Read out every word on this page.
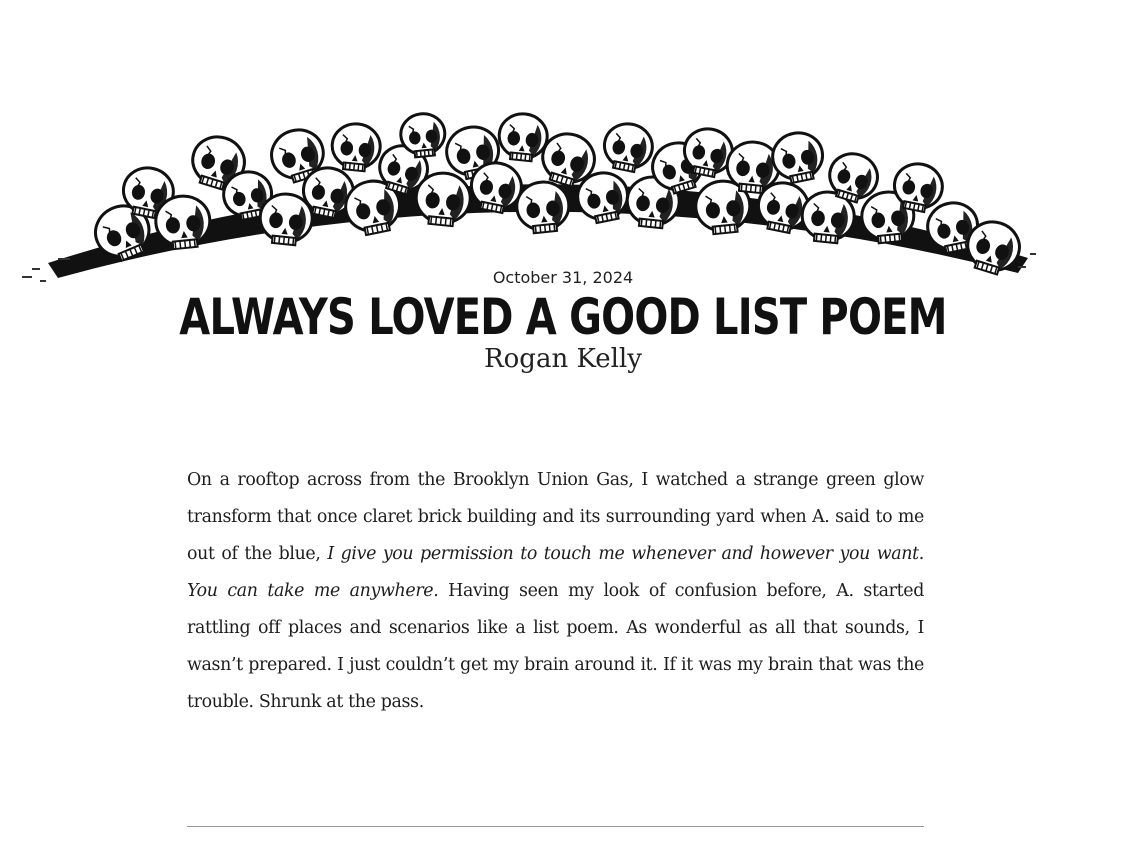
October 31, 2024
ALWAYS LOVED A GOOD LIST POEM
Rogan Kelly

On a rooftop across from the Brooklyn Union Gas, I watched a strange green glow transform that once claret brick building and its surrounding yard when A. said to me out of the blue, I give you permission to touch me whenever and however you want. You can take me anywhere. Having seen my look of confusion before, A. started rattling off places and scenarios like a list poem. As wonderful as all that sounds, I wasn’t prepared. I just couldn’t get my brain around it. If it was my brain that was the trouble. Shrunk at the pass.
